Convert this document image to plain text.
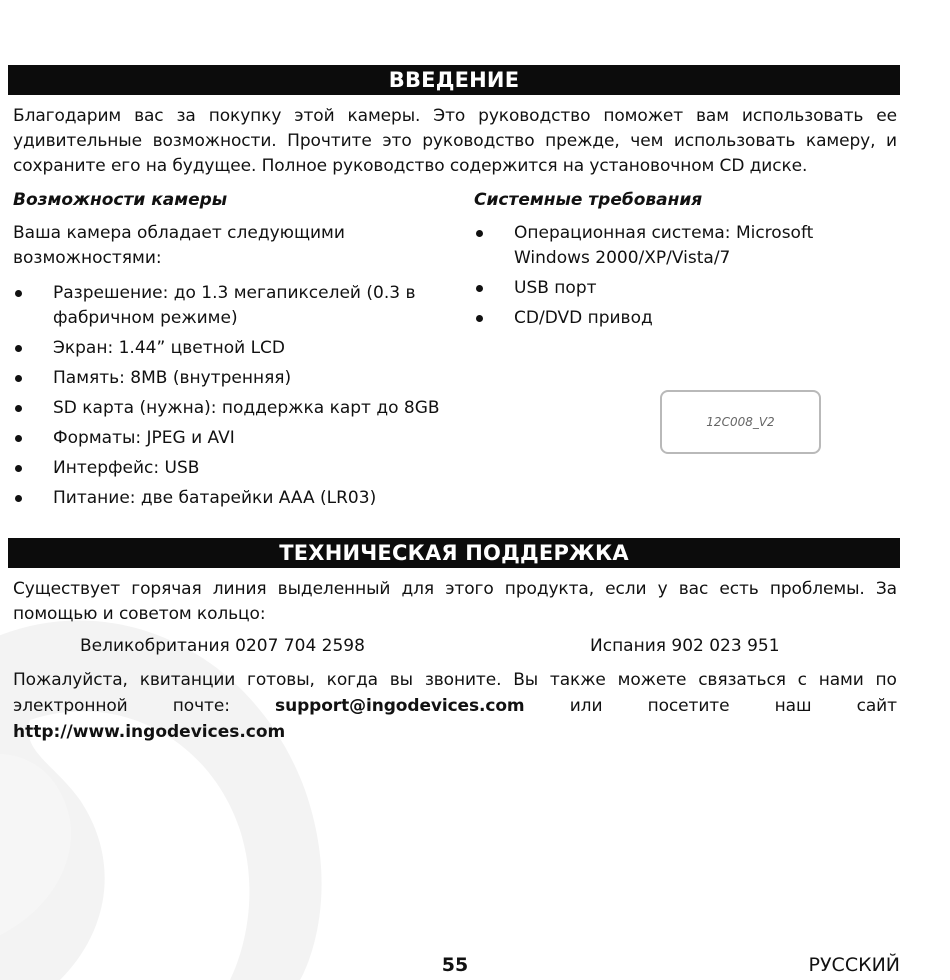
ВВЕДЕНИЕ

Благодарим вас за покупку этой камеры. Это руководство поможет вам использовать ее удивительные возможности. Прочтите это руководство прежде, чем использовать камеру, и сохраните его на будущее. Полное руководство содержится на установочном CD диске.

Возможности камеры

Ваша камера обладает следующими возможностями:

Разрешение: до 1.3 мегапикселей (0.3 в фабричном режиме)
Экран: 1.44” цветной LCD
Память: 8MB (внутренняя)
SD карта (нужна): поддержка карт до 8GB
Форматы: JPEG и AVI
Интерфейс: USB
Питание: две батарейки AAA (LR03)
Системные требования
Операционная система: Microsoft Windows 2000/XP/Vista/7
USB порт
CD/DVD привод
12C008_V2
ТЕХНИЧЕСКАЯ ПОДДЕРЖКА

Существует горячая линия выделенный для этого продукта, если у вас есть проблемы. За помощью и советом кольцо:

Великобритания 0207 704 2598	Испания 902 023 951
Пожалуйста, квитанции готовы, когда вы звоните. Вы также можете связаться с нами по
электронной	почте:	support@ingodevices.com	или	посетите	наш	сайт
http://www.ingodevices.com
55	РУССКИЙ
